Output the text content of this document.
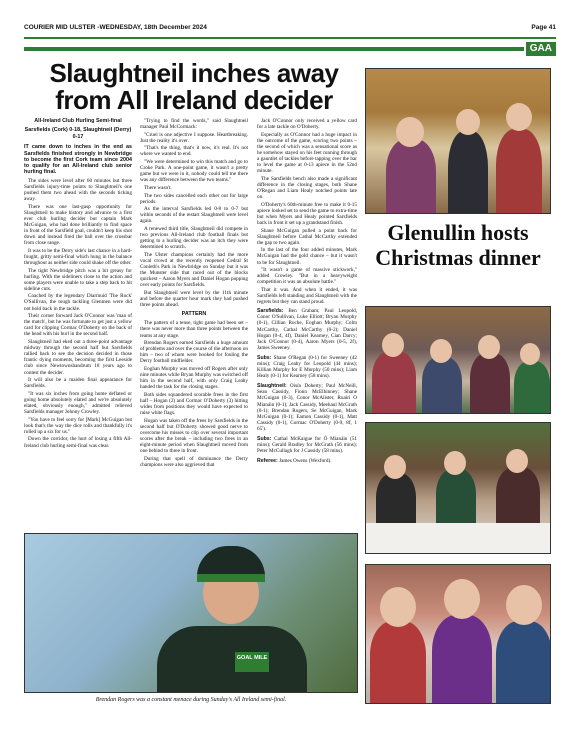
COURIER MID ULSTER -WEDNESDAY, 18th December 2024	Page 41
GAA
Slaughtneil inches away from All Ireland decider
All-Ireland Club Hurling Semi-final
Sarsfields (Cork) 0-18, Slaughtneil (Derry) 0-17
IT came down to inches in the end as Sarsfields finished strongly in Newbridge to become the first Cork team since 2004 to qualify for an All-Ireland club senior hurling final.

The sides were level after 60 minutes but three Sarsfields injury-time points to Slaughtneil's one pushed them two ahead with the seconds ticking away.

There was one last-gasp opportunity for Slaughtneil to make history and advance to a first ever club hurling decider but captain Mark McGuigan, who had done brilliantly to find space in front of the Sarsfield goal, couldn't keep his shot down and instead fired the ball over the crossbar from close range.

It was to be the Derry side's last chance in a hard-fought, gritty semi-final which hung in the balance throughout as neither side could shake off the other.

The tight Newbridge pitch was a bit greasy for hurling. With the sideliners close to the action and some players were unable to take a step back to hit sideline cuts.

Coached by the legendary Diarmuid 'The Rock' O'Sullivan, the tough tackling Glenmen were did not hold back in the tackle.

Their corner forward Jack O'Connor was 'man of the match', but he was fortunate to get just a yellow card for clipping Cormac O'Doherty on the back of the head with his hurl in the second half.

Slaughtneil had eked out a three-point advantage midway through the second half but Sarsfields rallied back to see the decision decided in those frantic dying moments, becoming the first Leeside club since Newtownshandrum 18 years ago to contest the decider.

It will also be a maiden final appearance for Sarsfields.

"It was six inches from going home deflated or going home absolutely elated and we're absolutely elated, obviously enough," admitted relieved Sarsfields manager Johnny Crowley.

"You have to feel sorry for [Mark] McGuigan but look that's the way the dice rolls and thankfully it's rolled up a six for us."

Down the corridor, the hurt of losing a fifth All-Ireland club hurling semi-final was clear.

"Trying to find the words," said Slaughtneil manager Paul McCormack:

"Cruel is one adjective I suppose. Heartbreaking. Just the reality it's over.

"That's the thing, that's it now, it's real. It's not where we wanted to end.

"We were determined to win this match and go to Croke Park. A one-point game, it wasn't a pretty game but we were in it, nobody could tell me there was any difference between the two teams."

There wasn't.

The two sides cancelled each other out for large periods.

As the interval Sarsfields led 0-8 to 0-7 but within seconds of the restart Slaughtneil were level again.

A renewed third title, Slaughtneil did compete in two previous All-Ireland club football finals but getting to a hurling decider was an itch they were determined to scratch.

The Ulster champions certainly had the more vocal crowd at the recently reopened Cedral St Conleth's Park in Newbridge on Sunday but it was the Munster side that raced out of the blocks quickest – Aaron Myers and Daniel Hogan popping over early points for Sarsfields.

But Slaughtneil were level by the 11th minute and before the quarter hour mark they had pushed three points ahead.

PATTERN

The pattern of a tense, tight game had been set – there was never more than three points between the teams at any stage.

Brendan Rogers earned Sarsfields a huge amount of problems and over the course of the afternoon on him – two of whom were booked for fouling the Derry football midfielder.

Eoghan Murphy was moved off Rogers after only nine minutes while Bryan Murphy was switched off him in the second half, with only Craig Leahy handed the task for the closing stages.

Both sides squandered scorable frees in the first half – Hogan (2) and Cormac O'Doherty (3) hitting wides from positions they would have expected to raise white flags.

Hogan was taken off the frees by Sarsfields in the second half but O'Doherty showed good nerve to overcome his misses to clip over several important scores after the break – including two frees in an eight-minute period when Slaughtneil moved from one behind to three in front.

During that spell of dominance the Derry champions were also aggrieved that

Jack O'Connor only received a yellow card for a late tackle on O'Doherty.

Especially as O'Connor had a huge impact in the outcome of the game, scoring two points – the second of which was a sensational score as he somehow stayed on his feet running through a gauntlet of tackles before tapping over the bar to level the game at 0-13 apiece in the 52nd minute.

The Sarsfields bench also made a significant difference in the closing stages, both Shane O'Regan and Liam Healy notched points late on.

O'Doherty's 60th-minute free to make it 0-15 apiece looked set to send the game to extra-time but when Myers and Healy pointed Sarsfields back in front it set up a grandstand finish.

Shane McGuigan pulled a point back for Slaughtneil before Cathal McCarthy extended the gap to two again.

In the last of the four added minutes, Mark McGuigan had the gold chance – but it wasn't to be for Slaughtneil.

"It wasn't a game of massive stickwork," added Crowley. "But in a heavyweight competition it was an absolute battle."

That it was. And when it ended, it was Sarsfields left standing and Slaughtneil with the regrets but they can stand proud.

Sarsfields: Ben Graham; Paul Leopold, Conor O'Sullivan, Luke Elliott; Bryan Murphy (0-1), Cillian Roche, Eoghan Murphy; Colm McCarthy, Cathal McCarthy (0-2); Daniel Hogan (0-4, 4f), Daniel Kearney, Cian Darcy; Jack O'Connor (0-4), Aaron Myers (0-5, 2f), James Sweeney.

Subs: Shane O'Regan (0-1) for Sweeney (42 mins); Craig Leahy for Leopold (44 mins); Killian Murphy for E Murphy (50 mins); Liam Healy (0-1) for Kearney (58 mins).

Slaughtneil: Oisín Doherty; Paul McNeill, Sean Cassidy, Fionn McElhinney; Shane McGuigan (0-3), Conor McAlister, Ruairí O Mianáin (0-1); Jack Cassidy, Meehaul McGrath (0-1); Brendan Rogers, Se McGuigan, Mark McGuigan (0-1); Eamon Cassidy (0-1), Matt Cassidy (0-1), Cormac O'Doherty (0-9, 8f, 1 65').

Subs: Cathal McKaigue for Ó Mianáin (51 mins); Gerald Bradley for McGrath (56 mins); Peter McCullagh for J Cassidy (58 mins).

Referee: James Owens (Wexford).

GOAL MILE
Brendan Rogers was a constant menace during Sunday's All Ireland semi-final.
Glenullin hosts Christmas dinner
